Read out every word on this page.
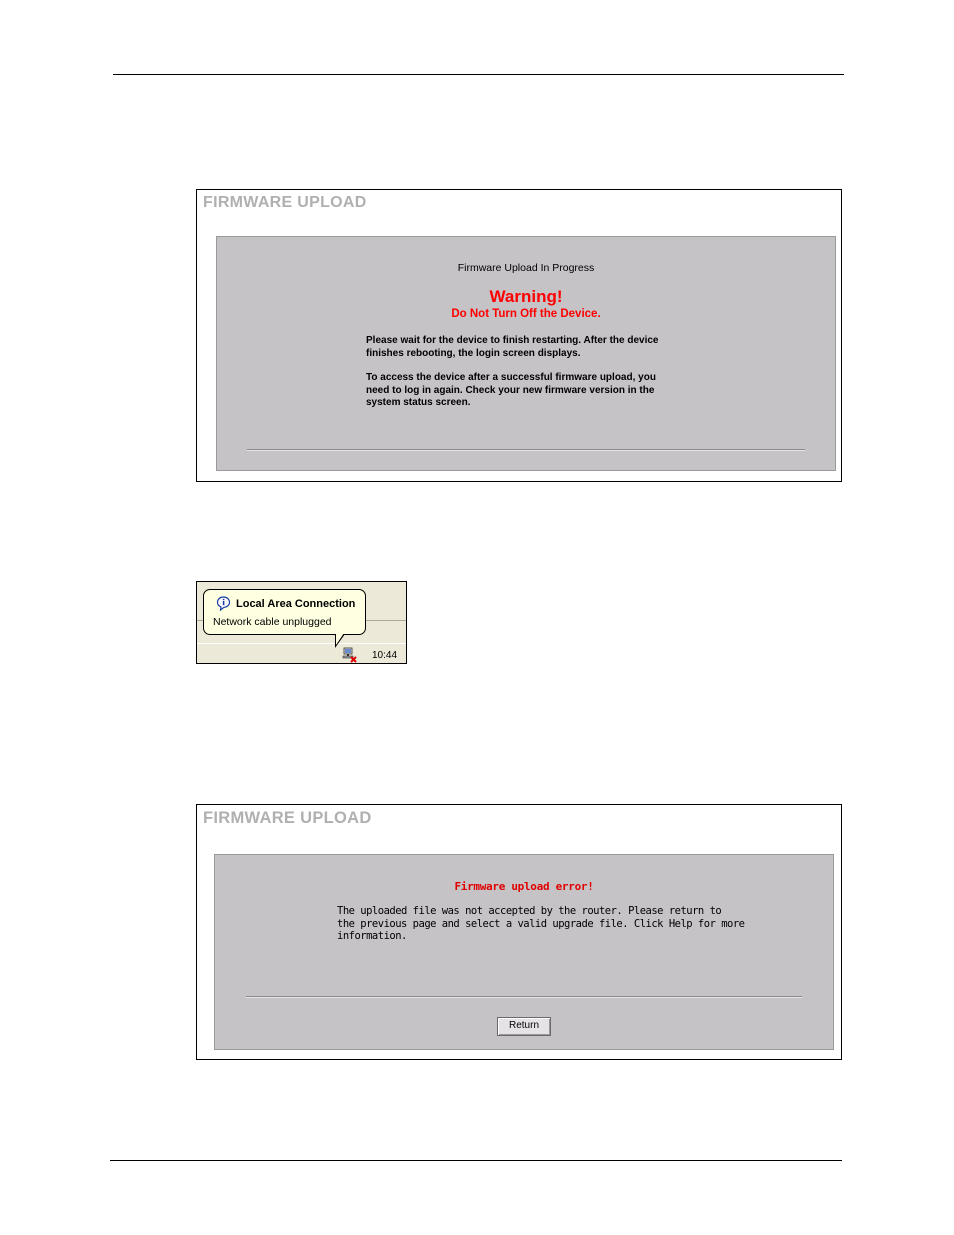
FIRMWARE UPLOAD
Firmware Upload In Progress
Warning!
Do Not Turn Off the Device.
Please wait for the device to finish restarting. After the device
finishes rebooting, the login screen displays.
To access the device after a successful firmware upload, you
need to log in again. Check your new firmware version in the
system status screen.
Local Area Connection
Network cable unplugged
10:44
FIRMWARE UPLOAD
Firmware upload error!
The uploaded file was not accepted by the router. Please return to
the previous page and select a valid upgrade file. Click Help for more
information.
Return
